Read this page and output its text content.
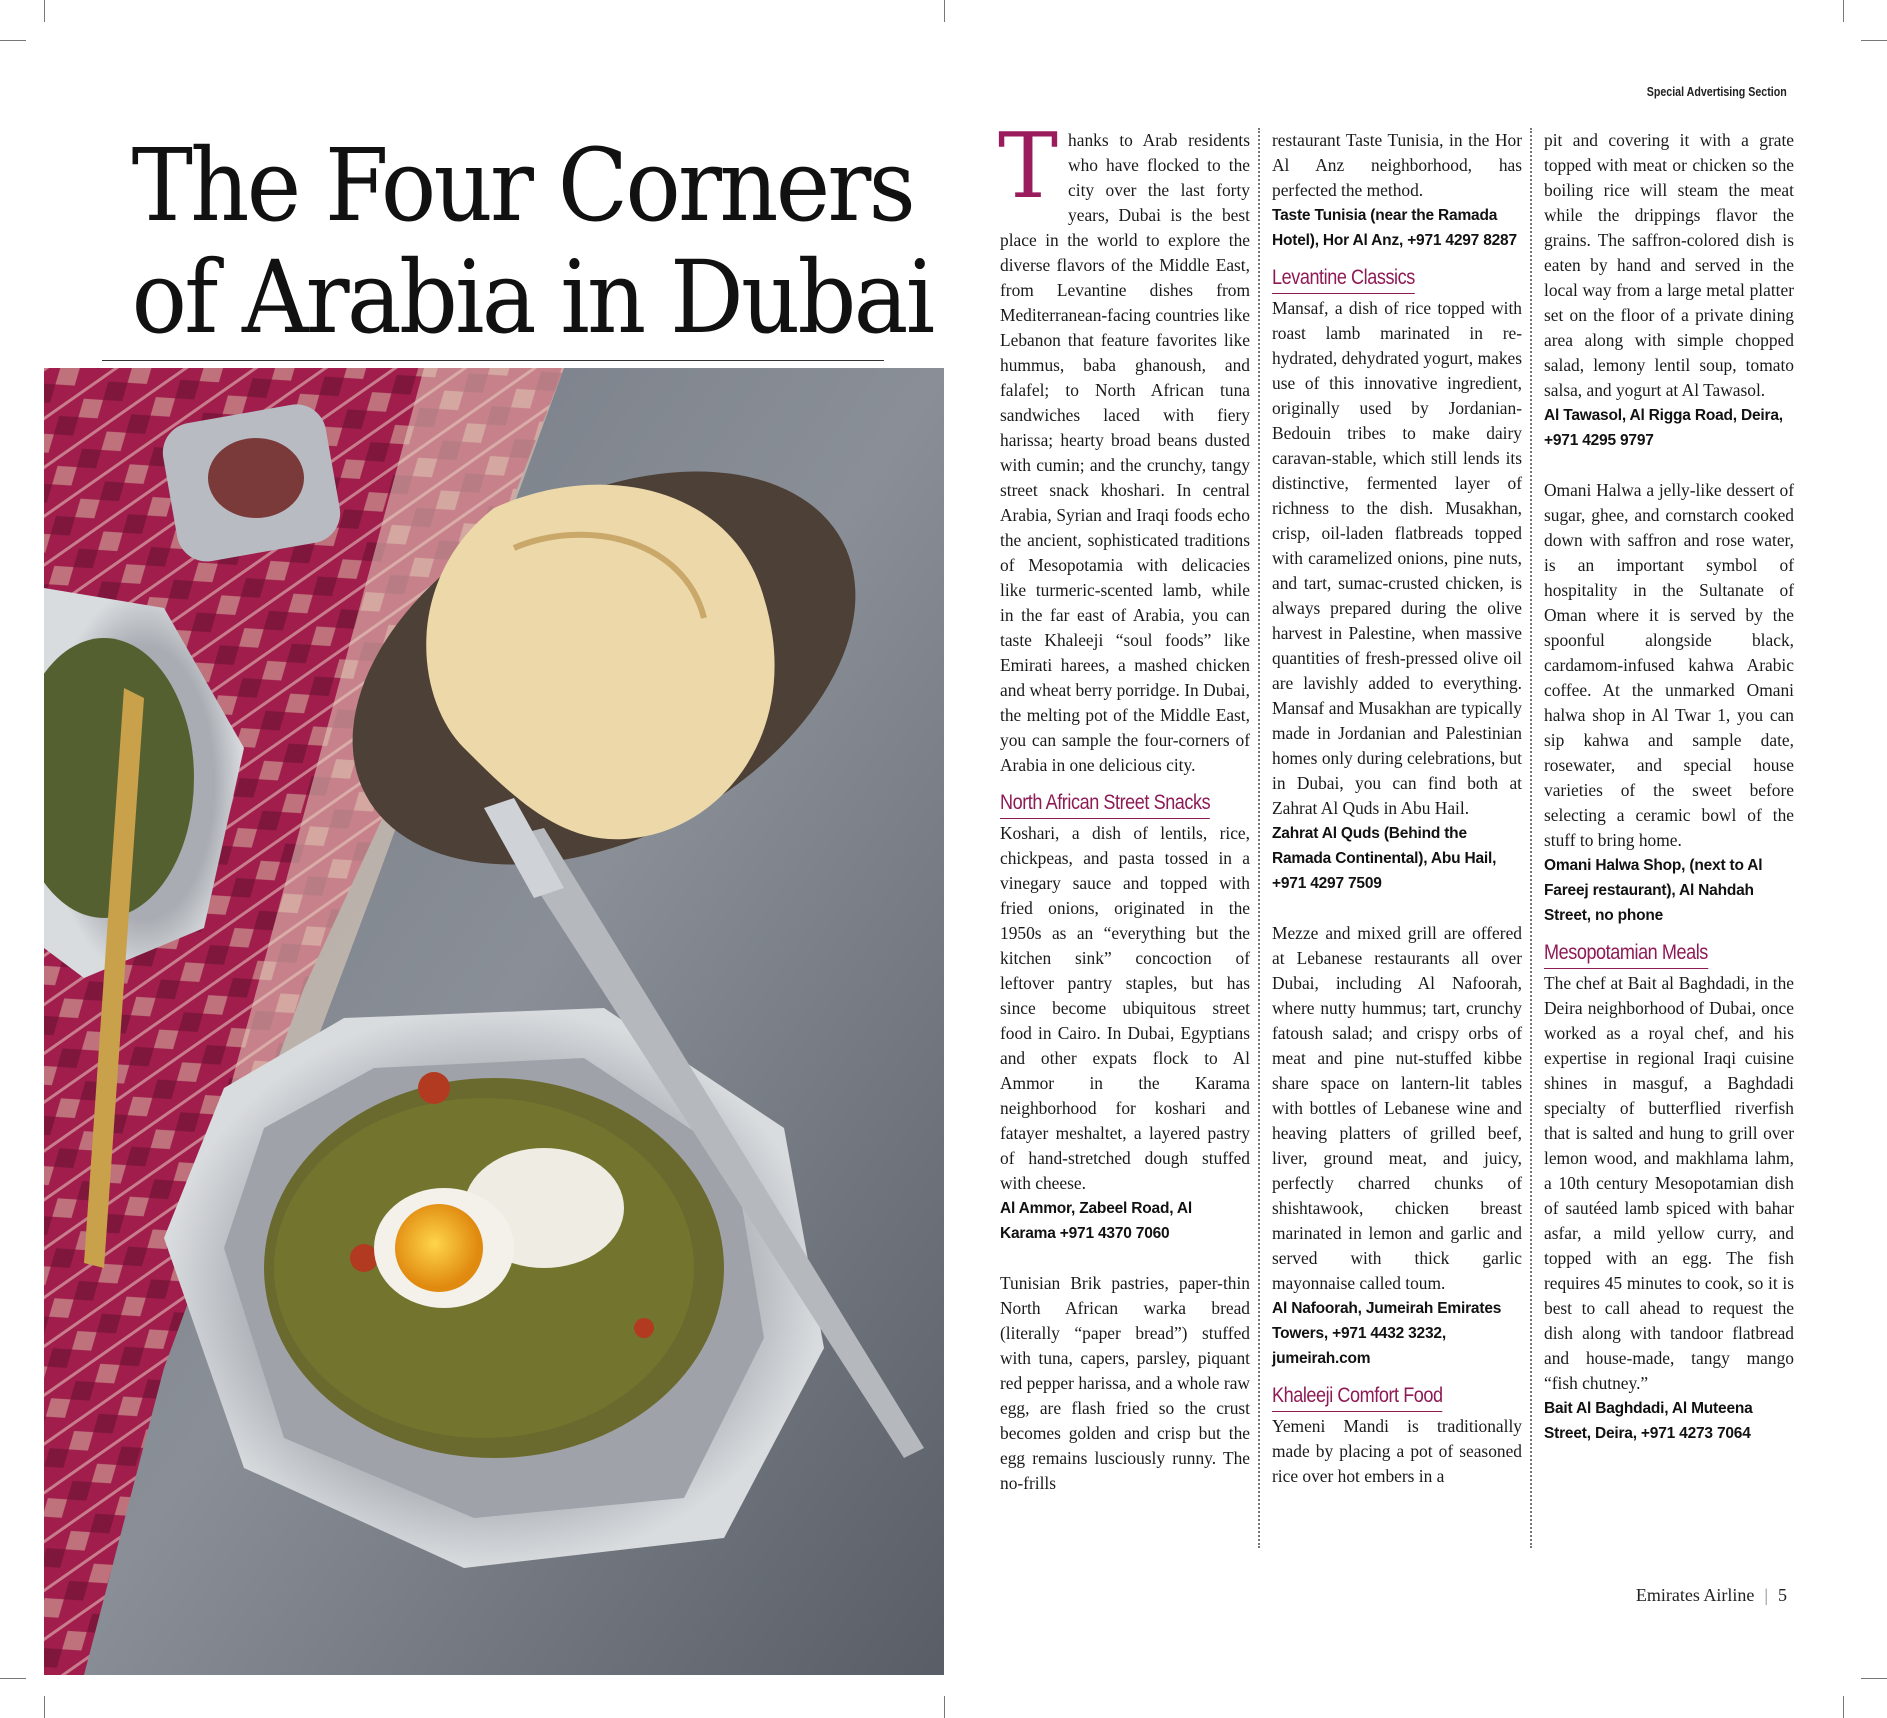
Special Advertising Section
The Four Corners
of Arabia in Dubai

Thanks to Arab residents who have flocked to the city over the last forty years, Dubai is the best place in the world to explore the diverse flavors of the Middle East, from Levantine dishes from Mediterranean-facing countries like Lebanon that feature favorites like hummus, baba ghanoush, and falafel; to North African tuna sandwiches laced with fiery harissa; hearty broad beans dusted with cumin; and the crunchy, tangy street snack khoshari. In central Arabia, Syrian and Iraqi foods echo the ancient, sophisticated traditions of Mesopotamia with delicacies like turmeric-scented lamb, while in the far east of Arabia, you can taste Khaleeji “soul foods” like Emirati harees, a mashed chicken and wheat berry porridge. In Dubai, the melting pot of the Middle East, you can sample the four-corners of Arabia in one delicious city.

North African Street Snacks

Koshari, a dish of lentils, rice, chickpeas, and pasta tossed in a vinegary sauce and topped with fried onions, originated in the 1950s as an “everything but the kitchen sink” concoction of leftover pantry staples, but has since become ubiquitous street food in Cairo. In Dubai, Egyptians and other expats flock to Al Ammor in the Karama neighborhood for koshari and fatayer meshaltet, a layered pastry of hand-stretched dough stuffed with cheese.

Al Ammor, Zabeel Road, Al Karama +971 4370 7060

Tunisian Brik pastries, paper-thin North African warka bread (literally “paper bread”) stuffed with tuna, capers, parsley, piquant red pepper harissa, and a whole raw egg, are flash fried so the crust becomes golden and crisp but the egg remains lusciously runny. The no-frills

restaurant Taste Tunisia, in the Hor Al Anz neighborhood, has perfected the method.

Taste Tunisia (near the Ramada Hotel), Hor Al Anz, +971 4297 8287

Levantine Classics

Mansaf, a dish of rice topped with roast lamb marinated in re-hydrated, dehydrated yogurt, makes use of this innovative ingredient, originally used by Jordanian-Bedouin tribes to make dairy caravan-stable, which still lends its distinctive, fermented layer of richness to the dish. Musakhan, crisp, oil-laden flatbreads topped with caramelized onions, pine nuts, and tart, sumac-crusted chicken, is always prepared during the olive harvest in Palestine, when massive quantities of fresh-pressed olive oil are lavishly added to everything. Mansaf and Musakhan are typically made in Jordanian and Palestinian homes only during celebrations, but in Dubai, you can find both at Zahrat Al Quds in Abu Hail.

Zahrat Al Quds (Behind the Ramada Continental), Abu Hail, +971 4297 7509

Mezze and mixed grill are offered at Lebanese restaurants all over Dubai, including Al Nafoorah, where nutty hummus; tart, crunchy fatoush salad; and crispy orbs of meat and pine nut-stuffed kibbe share space on lantern-lit tables with bottles of Lebanese wine and heaving platters of grilled beef, liver, ground meat, and juicy, perfectly charred chunks of shishtawook, chicken breast marinated in lemon and garlic and served with thick garlic mayonnaise called toum.

Al Nafoorah, Jumeirah Emirates Towers, +971 4432 3232, jumeirah.com

Khaleeji Comfort Food

Yemeni Mandi is traditionally made by placing a pot of seasoned rice over hot embers in a

pit and covering it with a grate topped with meat or chicken so the boiling rice will steam the meat while the drippings flavor the grains. The saffron-colored dish is eaten by hand and served in the local way from a large metal platter set on the floor of a private dining area along with simple chopped salad, lemony lentil soup, tomato salsa, and yogurt at Al Tawasol.

Al Tawasol, Al Rigga Road, Deira, +971 4295 9797

Omani Halwa a jelly-like dessert of sugar, ghee, and cornstarch cooked down with saffron and rose water, is an important symbol of hospitality in the Sultanate of Oman where it is served by the spoonful alongside black, cardamom-infused kahwa Arabic coffee. At the unmarked Omani halwa shop in Al Twar 1, you can sip kahwa and sample date, rosewater, and special house varieties of the sweet before selecting a ceramic bowl of the stuff to bring home.

Omani Halwa Shop, (next to Al Fareej restaurant), Al Nahdah Street, no phone

Mesopotamian Meals

The chef at Bait al Baghdadi, in the Deira neighborhood of Dubai, once worked as a royal chef, and his expertise in regional Iraqi cuisine shines in masguf, a Baghdadi specialty of butterflied riverfish that is salted and hung to grill over lemon wood, and makhlama lahm, a 10th century Mesopotamian dish of sautéed lamb spiced with bahar asfar, a mild yellow curry, and topped with an egg. The fish requires 45 minutes to cook, so it is best to call ahead to request the dish along with tandoor flatbread and house-made, tangy mango “fish chutney.”

Bait Al Baghdadi, Al Muteena Street, Deira, +971 4273 7064

Emirates Airline | 5
